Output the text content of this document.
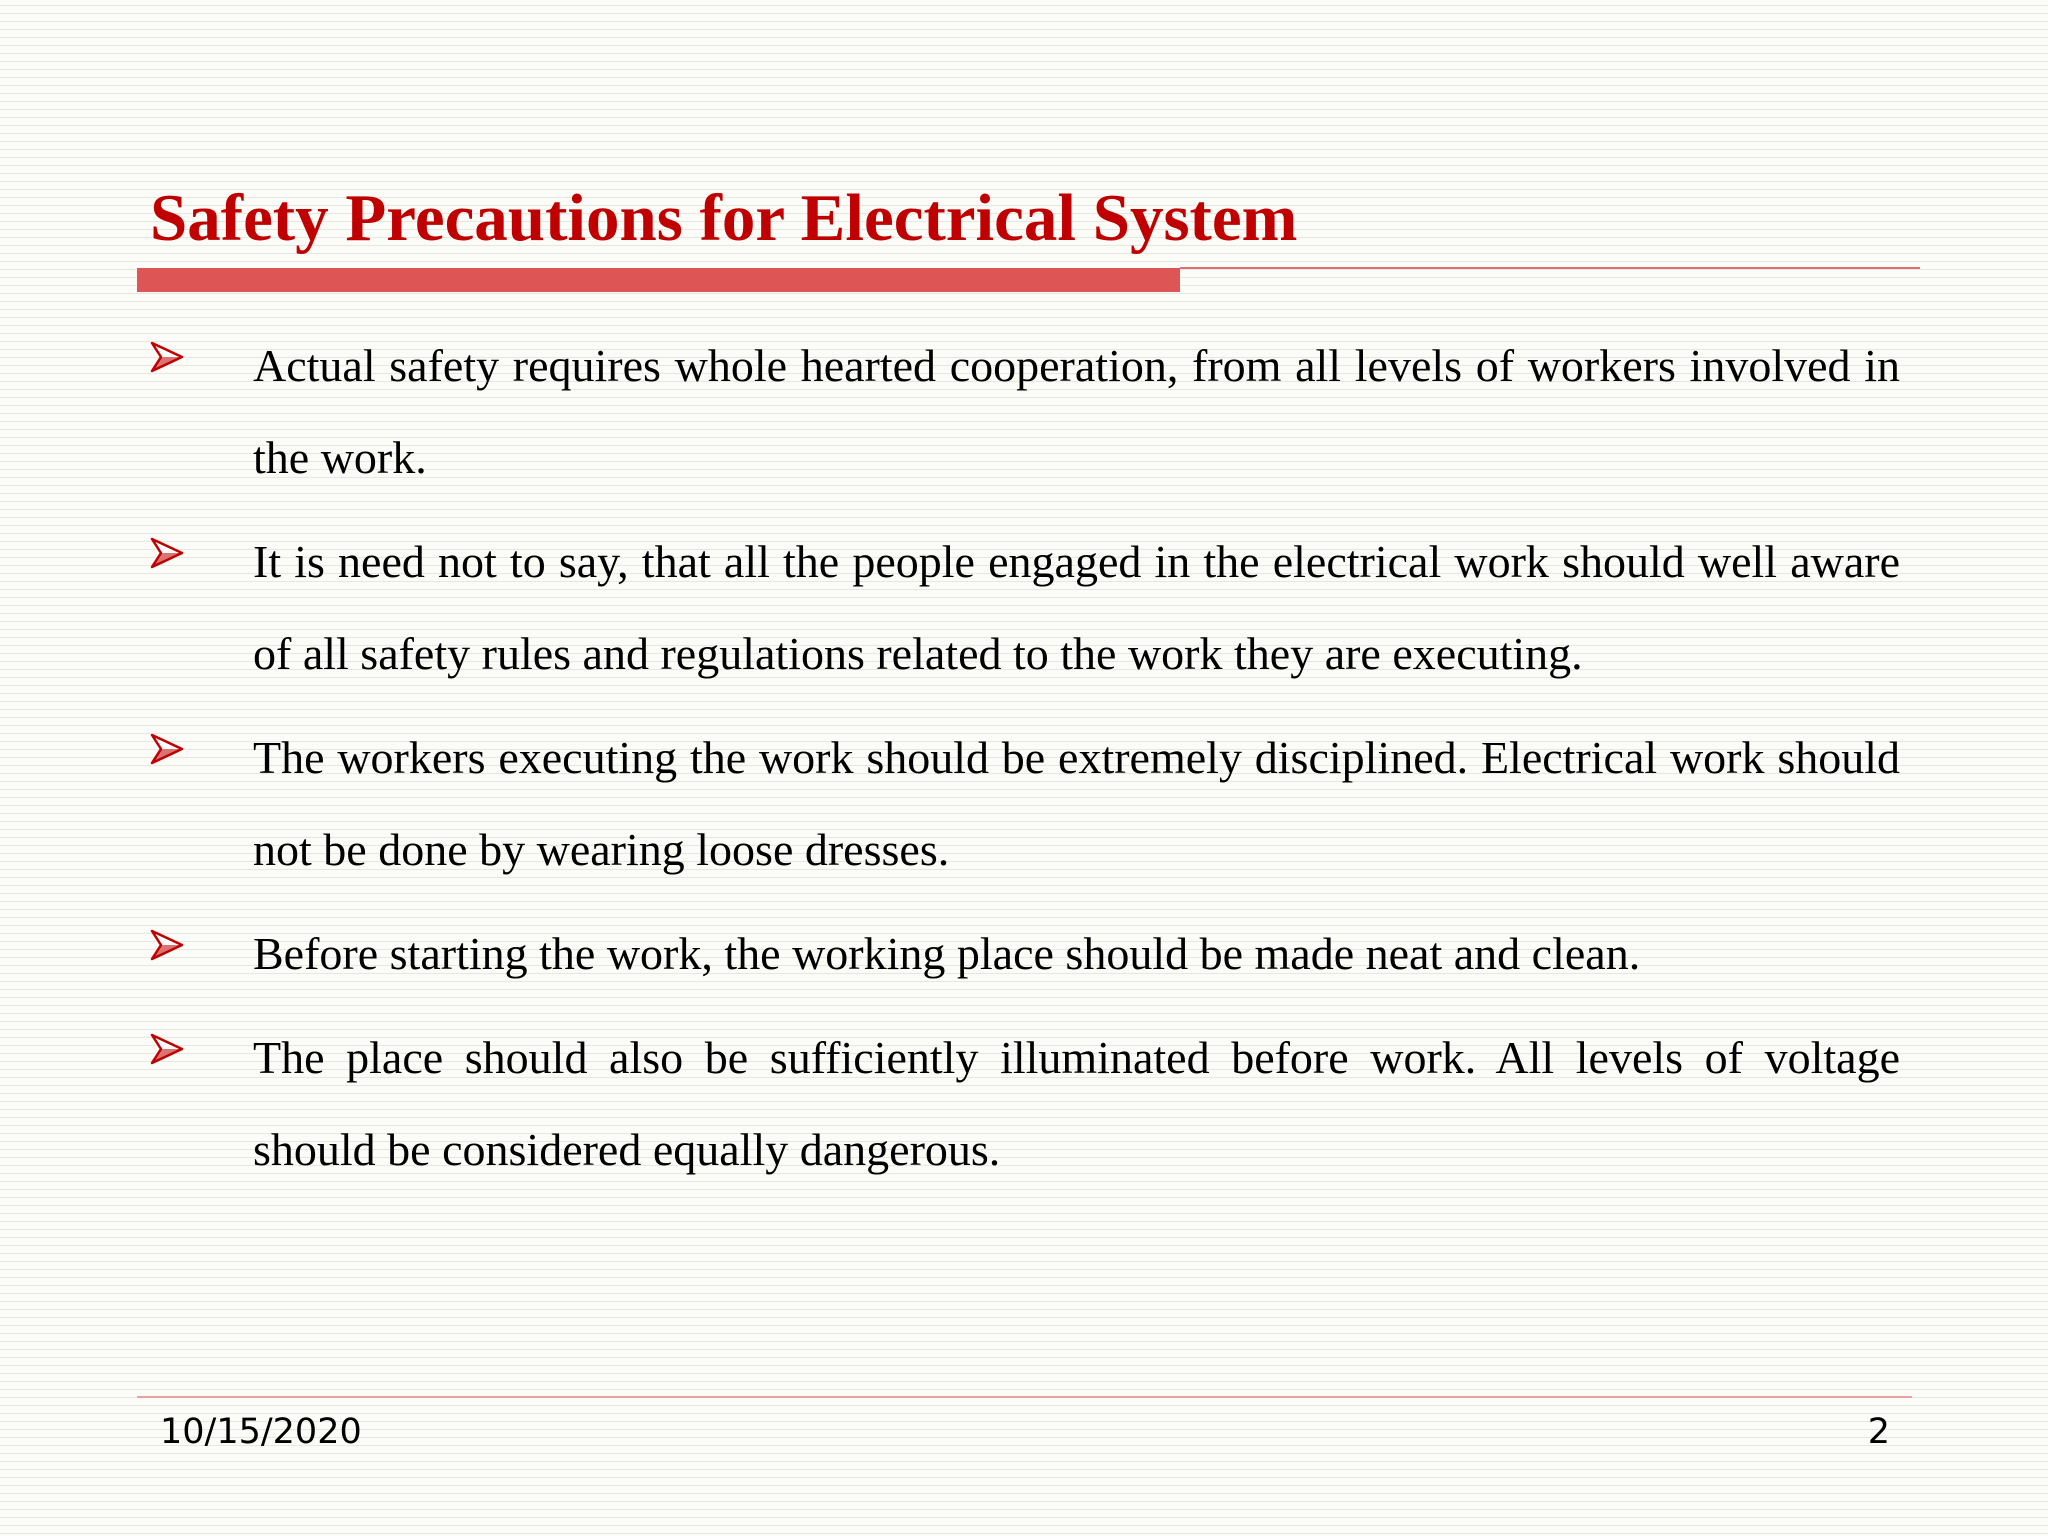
Safety Precautions for Electrical System
Actual safety requires whole hearted cooperation, from all levels of workers involved in the work.
It is need not to say, that all the people engaged in the electrical work should well aware of all safety rules and regulations related to the work they are executing.
The workers executing the work should be extremely disciplined. Electrical work should not be done by wearing loose dresses.
Before starting the work, the working place should be made neat and clean.
The place should also be sufficiently illuminated before work. All levels of voltage should be considered equally dangerous.
10/15/2020	2
